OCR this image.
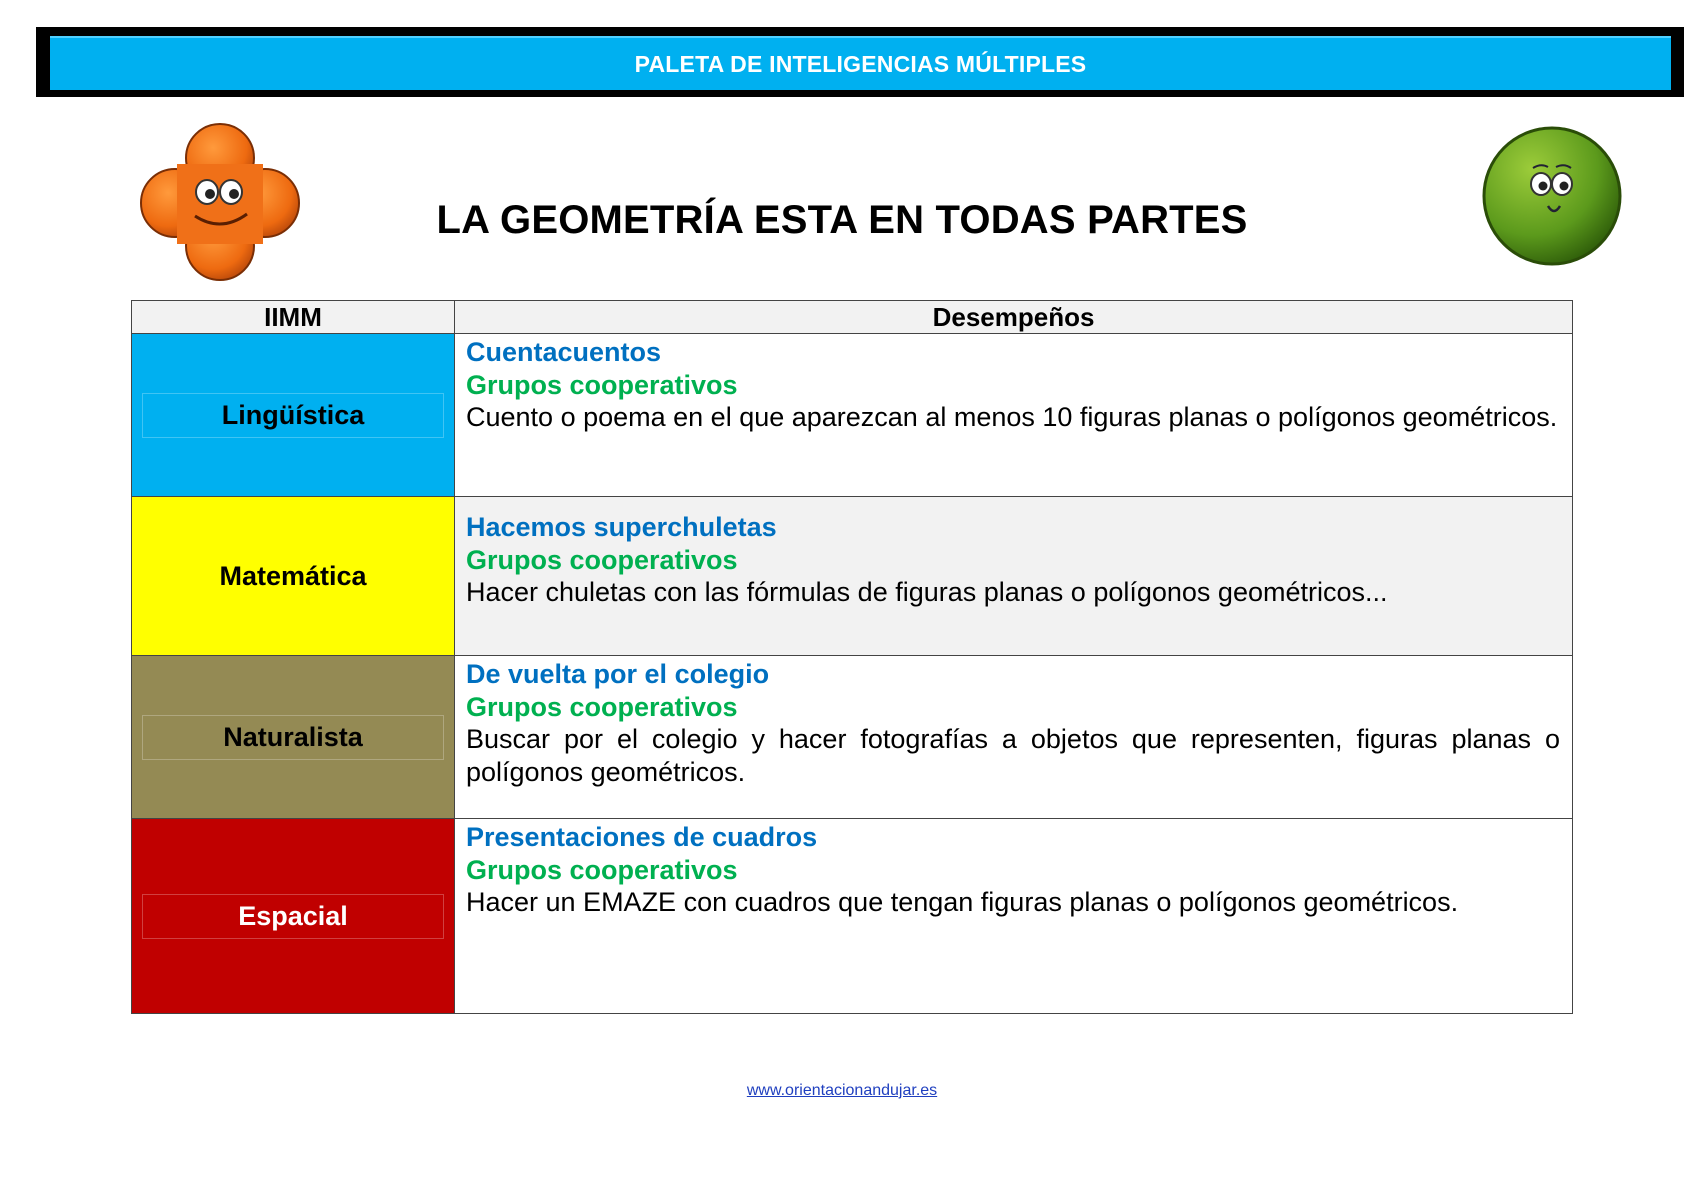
PALETA DE INTELIGENCIAS MÚLTIPLES
LA GEOMETRÍA ESTA EN TODAS PARTES
IIMM	Desempeños

Lingüística	Cuentacuentos
Grupos cooperativos
Cuento o poema en el que aparezcan al menos 10 figuras planas o polígonos geométricos.

Matemática	Hacemos superchuletas
Grupos cooperativos
Hacer chuletas con las fórmulas de figuras planas o polígonos geométricos...

Naturalista	De vuelta por el colegio
Grupos cooperativos
Buscar por el colegio y hacer fotografías a objetos que representen, figuras planas o polígonos geométricos.

Espacial	Presentaciones de cuadros
Grupos cooperativos
Hacer un EMAZE con cuadros que tengan figuras planas o polígonos geométricos.
www.orientacionandujar.es
